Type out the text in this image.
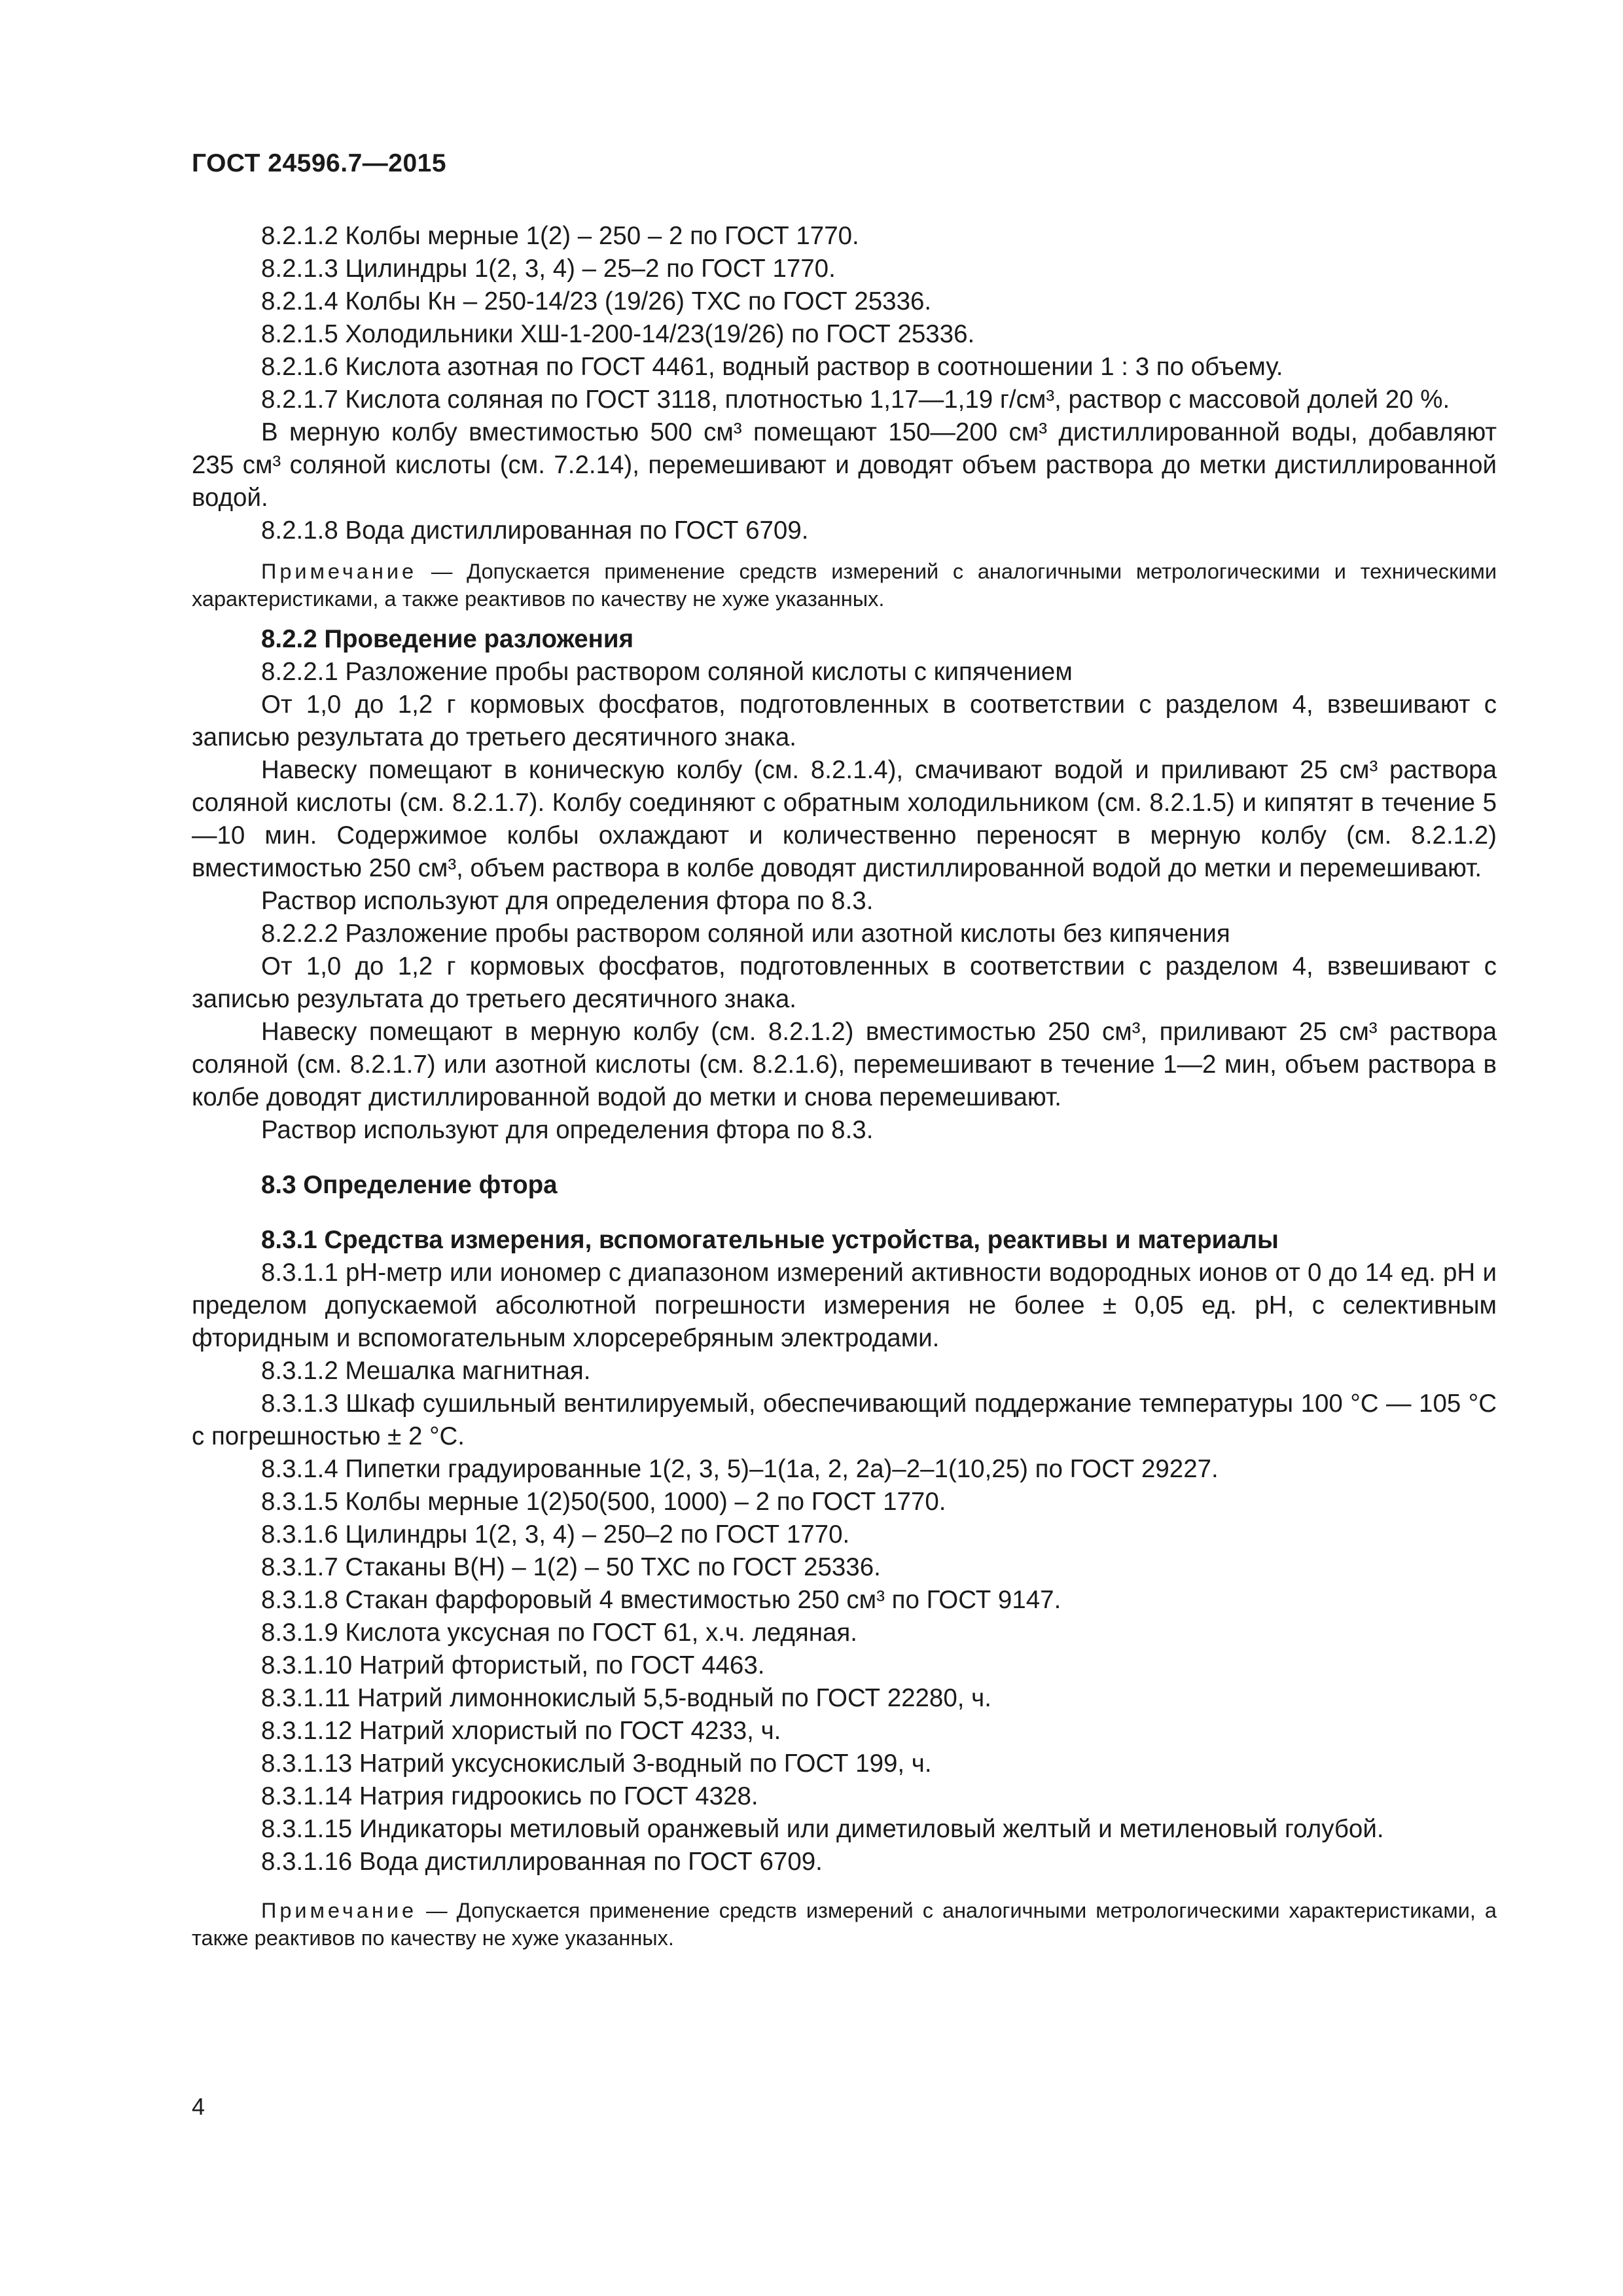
ГОСТ 24596.7—2015

8.2.1.2 Колбы мерные 1(2) – 250 – 2 по ГОСТ 1770.

8.2.1.3 Цилиндры 1(2, 3, 4) – 25–2 по ГОСТ 1770.

8.2.1.4 Колбы Кн – 250-14/23 (19/26) ТХС по ГОСТ 25336.

8.2.1.5 Холодильники ХШ-1-200-14/23(19/26) по ГОСТ 25336.

8.2.1.6 Кислота азотная по ГОСТ 4461, водный раствор в соотношении 1 : 3 по объему.

8.2.1.7 Кислота соляная по ГОСТ 3118, плотностью 1,17—1,19 г/см³, раствор с массовой долей 20 %.

В мерную колбу вместимостью 500 см³ помещают 150—200 см³ дистиллированной воды, добавляют 235 см³ соляной кислоты (см. 7.2.14), перемешивают и доводят объем раствора до метки дистиллированной водой.

8.2.1.8 Вода дистиллированная по ГОСТ 6709.

Примечание — Допускается применение средств измерений с аналогичными метрологическими и техническими характеристиками, а также реактивов по качеству не хуже указанных.

8.2.2 Проведение разложения

8.2.2.1 Разложение пробы раствором соляной кислоты с кипячением

От 1,0 до 1,2 г кормовых фосфатов, подготовленных в соответствии с разделом 4, взвешивают с записью результата до третьего десятичного знака.

Навеску помещают в коническую колбу (см. 8.2.1.4), смачивают водой и приливают 25 см³ раствора соляной кислоты (см. 8.2.1.7). Колбу соединяют с обратным холодильником (см. 8.2.1.5) и кипятят в течение 5—10 мин. Содержимое колбы охлаждают и количественно переносят в мерную колбу (см. 8.2.1.2) вместимостью 250 см³, объем раствора в колбе доводят дистиллированной водой до метки и перемешивают.

Раствор используют для определения фтора по 8.3.

8.2.2.2 Разложение пробы раствором соляной или азотной кислоты без кипячения

От 1,0 до 1,2 г кормовых фосфатов, подготовленных в соответствии с разделом 4, взвешивают с записью результата до третьего десятичного знака.

Навеску помещают в мерную колбу (см. 8.2.1.2) вместимостью 250 см³, приливают 25 см³ раствора соляной (см. 8.2.1.7) или азотной кислоты (см. 8.2.1.6), перемешивают в течение 1—2 мин, объем раствора в колбе доводят дистиллированной водой до метки и снова перемешивают.

Раствор используют для определения фтора по 8.3.

8.3 Определение фтора

8.3.1 Средства измерения, вспомогательные устройства, реактивы и материалы

8.3.1.1 рН-метр или иономер с диапазоном измерений активности водородных ионов от 0 до 14 ед. рН и пределом допускаемой абсолютной погрешности измерения не более ± 0,05 ед. рН, с селективным фторидным и вспомогательным хлорсеребряным электродами.

8.3.1.2 Мешалка магнитная.

8.3.1.3 Шкаф сушильный вентилируемый, обеспечивающий поддержание температуры 100 °С — 105 °С с погрешностью ± 2 °С.

8.3.1.4 Пипетки градуированные 1(2, 3, 5)–1(1а, 2, 2а)–2–1(10,25) по ГОСТ 29227.

8.3.1.5 Колбы мерные 1(2)50(500, 1000) – 2 по ГОСТ 1770.

8.3.1.6 Цилиндры 1(2, 3, 4) – 250–2 по ГОСТ 1770.

8.3.1.7 Стаканы В(Н) – 1(2) – 50 ТХС по ГОСТ 25336.

8.3.1.8 Стакан фарфоровый 4 вместимостью 250 см³ по ГОСТ 9147.

8.3.1.9 Кислота уксусная по ГОСТ 61, х.ч. ледяная.

8.3.1.10 Натрий фтористый, по ГОСТ 4463.

8.3.1.11 Натрий лимоннокислый 5,5-водный по ГОСТ 22280, ч.

8.3.1.12 Натрий хлористый по ГОСТ 4233, ч.

8.3.1.13 Натрий уксуснокислый 3-водный по ГОСТ 199, ч.

8.3.1.14 Натрия гидроокись по ГОСТ 4328.

8.3.1.15 Индикаторы метиловый оранжевый или диметиловый желтый и метиленовый голубой.

8.3.1.16 Вода дистиллированная по ГОСТ 6709.

Примечание — Допускается применение средств измерений с аналогичными метрологическими характеристиками, а также реактивов по качеству не хуже указанных.

4
